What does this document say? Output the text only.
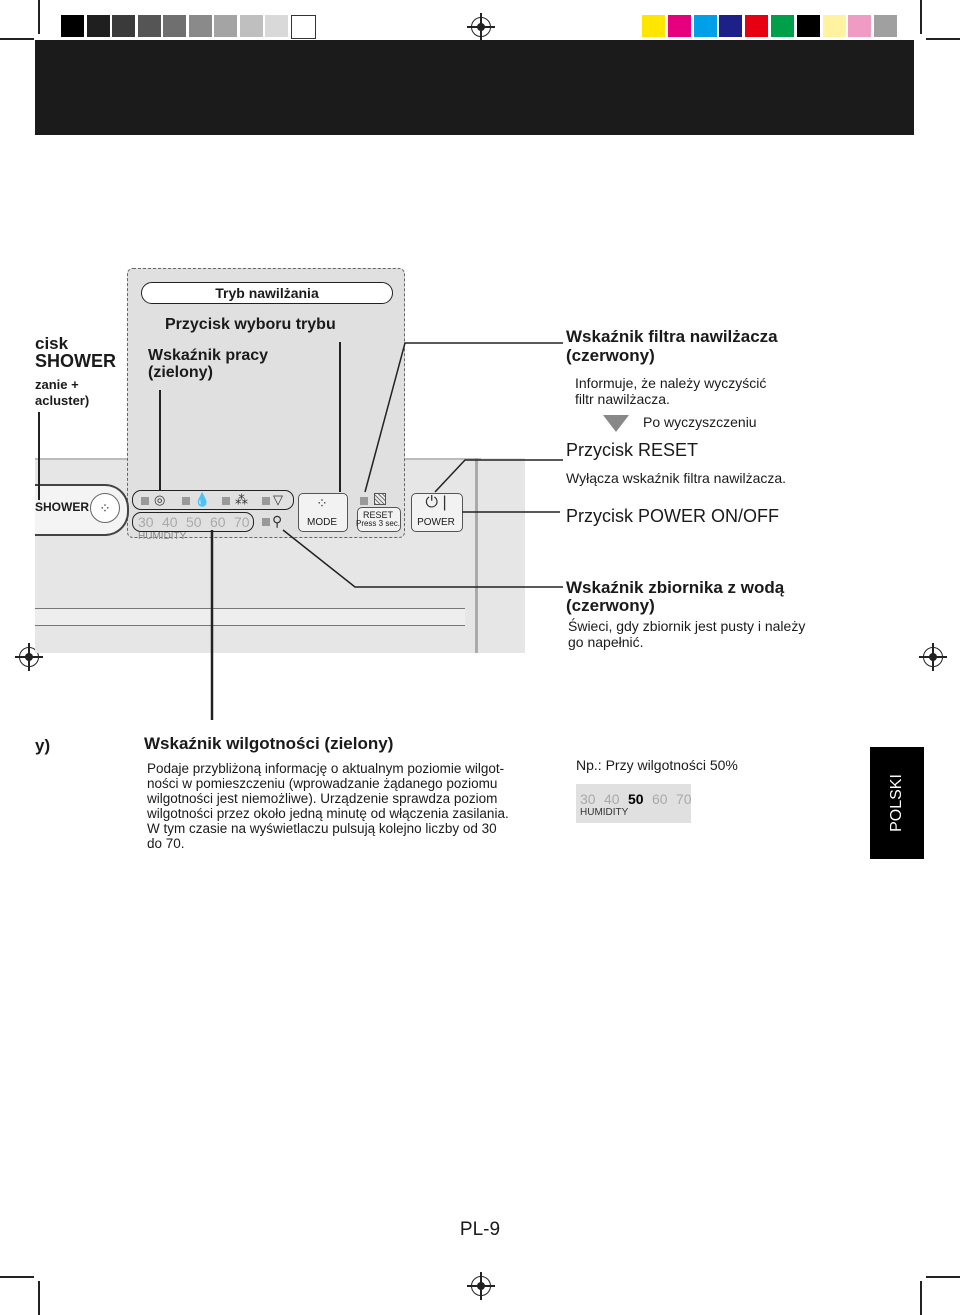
cisk
SHOWER
zanie +
acluster)
y)
Tryb nawilżania
Przycisk wyboru trybu
Wskaźnik pracy
(zielony)
SHOWER ⁘
◎ 💧 ⁂ ▽
30 40 50 60 70
HUMIDITY
⚲
⁘
MODE
RESET
Press 3 sec.
⏻ |
POWER
Wskaźnik filtra nawilżacza
(czerwony)
Informuje, że należy wyczyścić
filtr nawilżacza.
Po wyczyszczeniu
Przycisk RESET
Wyłącza wskaźnik filtra nawilżacza.
Przycisk POWER ON/OFF
Wskaźnik zbiornika z wodą
(czerwony)
Świeci, gdy zbiornik jest pusty i należy
go napełnić.
Wskaźnik wilgotności (zielony)
Podaje przybliżoną informację o aktualnym poziomie wilgot-
ności w pomieszczeniu (wprowadzanie żądanego poziomu
wilgotności jest niemożliwe). Urządzenie sprawdza poziom
wilgotności przez około jedną minutę od włączenia zasilania.
W tym czasie na wyświetlaczu pulsują kolejno liczby od 30
do 70.
Np.: Przy wilgotności 50%
30 40 50 60 70
HUMIDITY	POLSKI
PL-9
